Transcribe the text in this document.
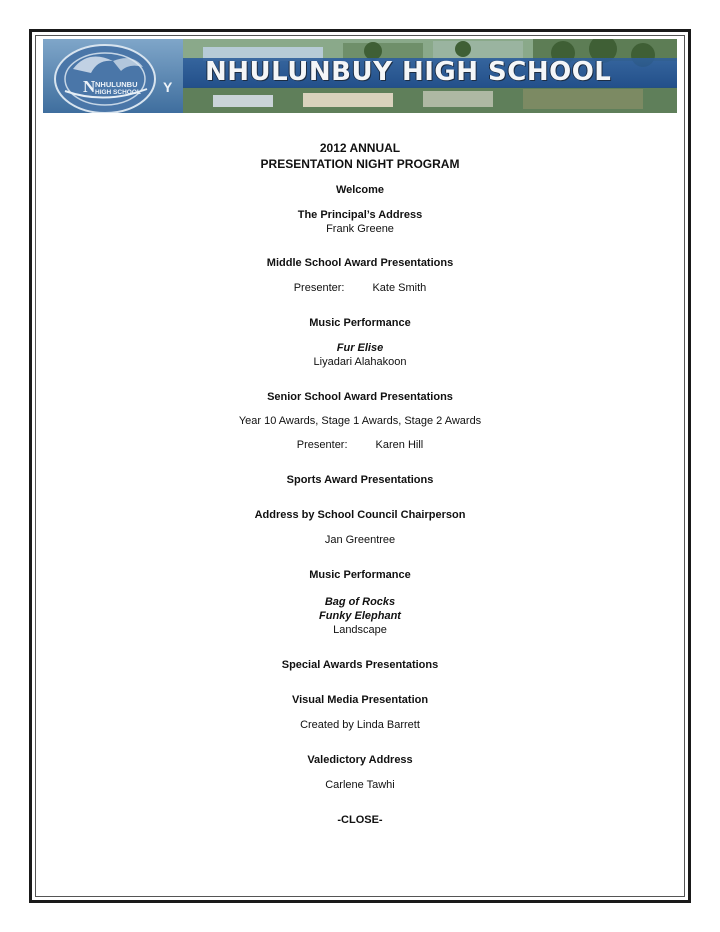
N NHULUNBU
HIGH SCHOOL Y NHULUNBUY HIGH SCHOOL
2012 ANNUAL
PRESENTATION NIGHT PROGRAM
Welcome
The Principal’s Address
Frank Greene
Middle School Award Presentations
Presenter:	Kate Smith
Music Performance
Fur Elise
Liyadari Alahakoon
Senior School Award Presentations
Year 10 Awards, Stage 1 Awards, Stage 2 Awards
Presenter:	Karen Hill
Sports Award Presentations
Address by School Council Chairperson
Jan Greentree
Music Performance
Bag of Rocks
Funky Elephant
Landscape
Special Awards Presentations
Visual Media Presentation
Created by Linda Barrett
Valedictory Address
Carlene Tawhi
-CLOSE-
